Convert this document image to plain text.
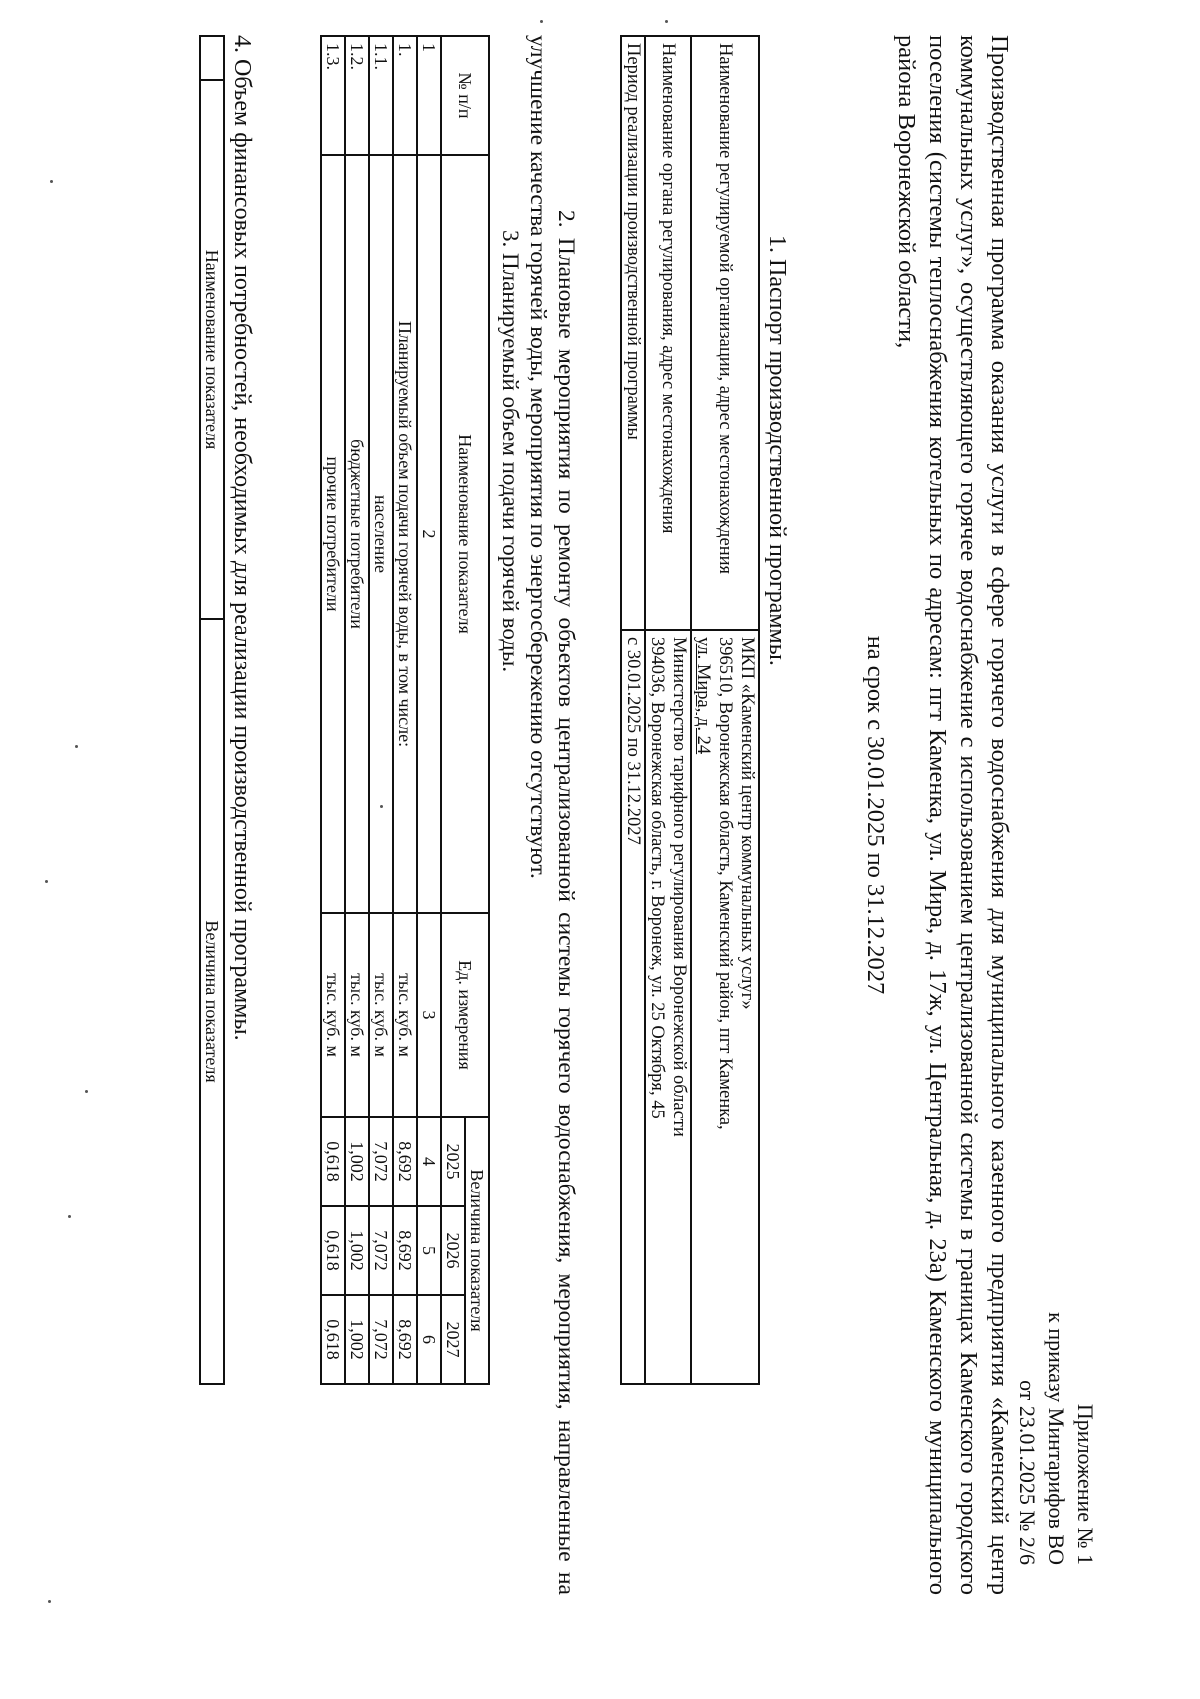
Приложение № 1
к приказу Минтарифов ВО
от 23.01.2025 № 2/6
Производственная программа оказания услуги в сфере горячего водоснабжения для муниципального казенного предприятия «Каменский центр коммунальных услуг», осуществляющего горячее водоснабжение с использованием централизованной системы в границах Каменского городского поселения (системы теплоснабжения котельных по адресам: пгт Каменка, ул. Мира, д. 17ж, ул. Центральная, д. 23а) Каменского муниципального района Воронежской области,
на срок с 30.01.2025 по 31.12.2027
1. Паспорт производственной программы.
Наименование регулируемой организации, адрес местонахождения	МКП «Каменский центр коммунальных услуг»
396510, Воронежская область, Каменский район, пгт Каменка,
ул. Мира, д. 24

Наименование органа регулирования, адрес местонахождения	Министерство тарифного регулирования Воронежской области
394036, Воронежская область, г. Воронеж, ул. 25 Октября, 45

Период реализации производственной программы	с 30.01.2025 по 31.12.2027
2. Плановые мероприятия по ремонту объектов централизованной системы горячего водоснабжения, мероприятия, направленные на улучшение качества горячей воды, мероприятия по энергосбережению отсутствуют.
3. Планируемый объем подачи горячей воды.
№ п/п	Наименование показателя	Ед. измерения	Величина показателя		
			2025	2026	2027
1	2	3	4	5	6
1.	Планируемый объем подачи горячей воды, в том числе:	тыс. куб. м	8,692	8,692	8,692
1.1.	население	тыс. куб. м	7,072	7,072	7,072
1.2.	бюджетные потребители	тыс. куб. м	1,002	1,002	1,002
1.3.	прочие потребители	тыс. куб. м	0,618	0,618	0,618
4. Объем финансовых потребностей, необходимых для реализации производственной программы.
	Наименование показателя	Величина показателя
